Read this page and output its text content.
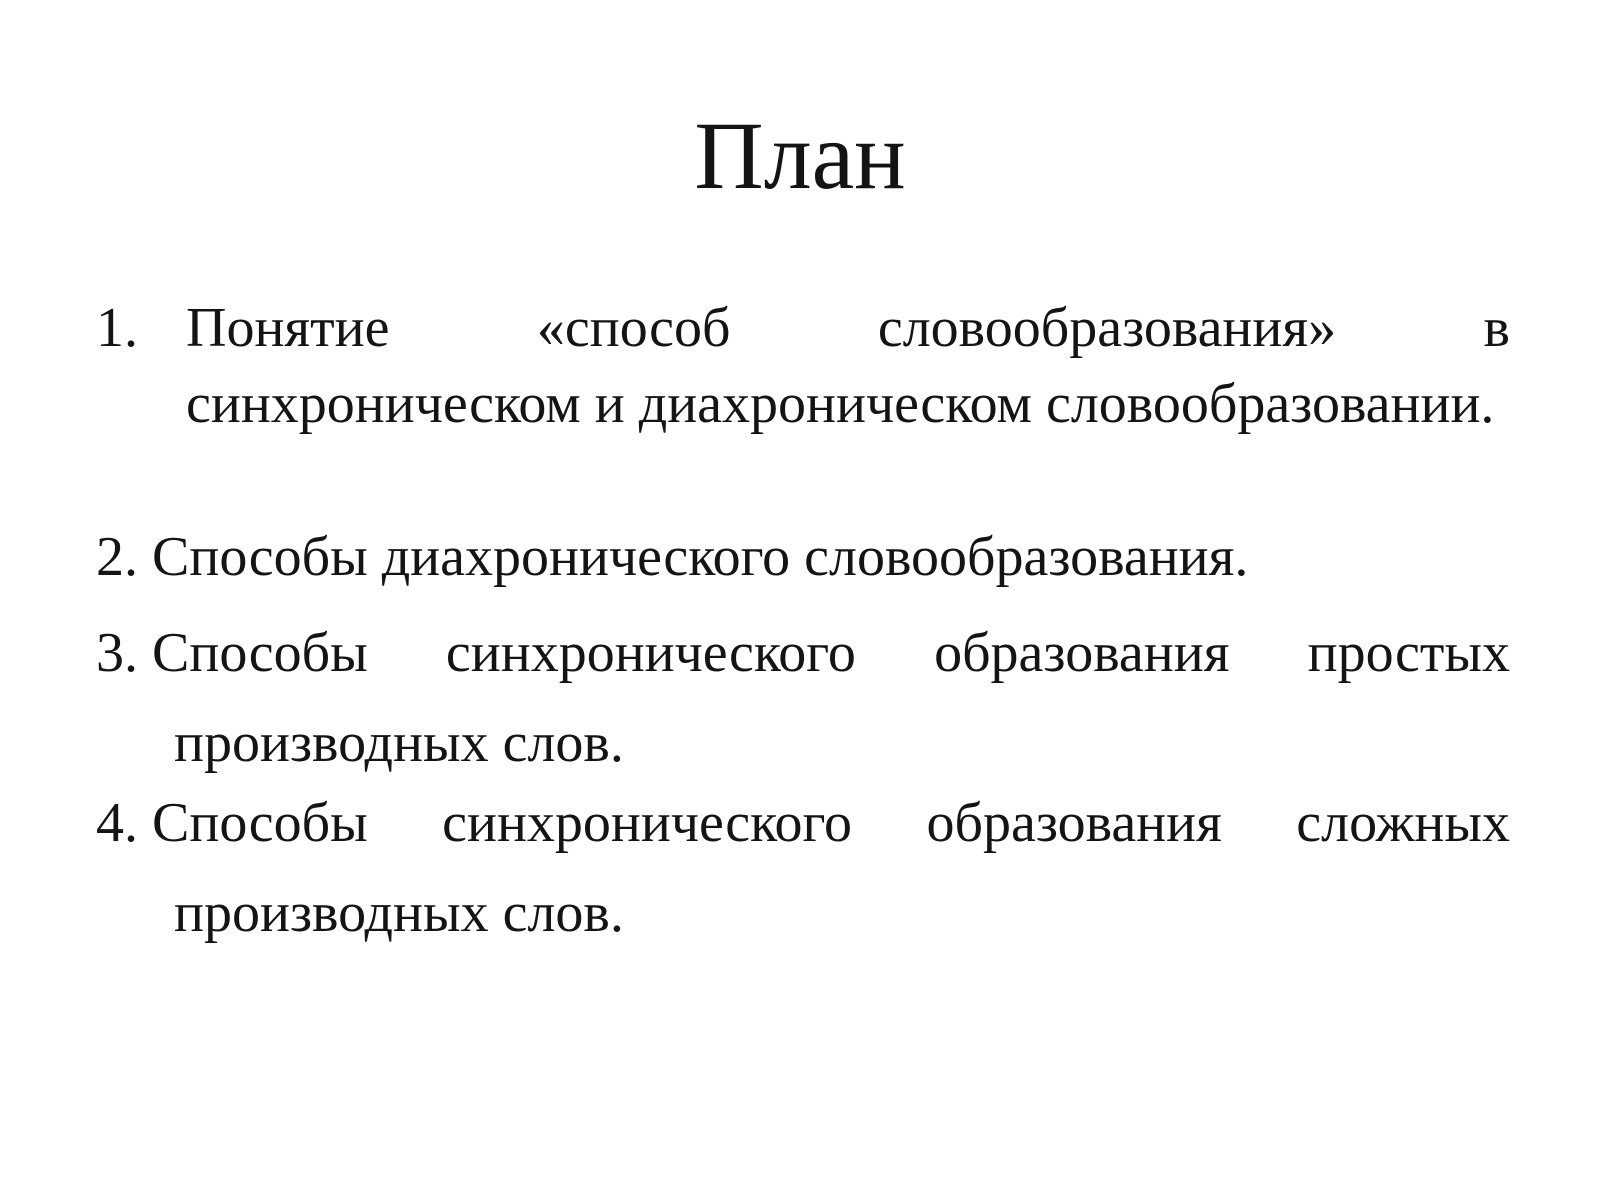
План
1. Понятие «способ словообразования» в синхроническом и диахроническом словообразовании.
2. Способы диахронического словообразования.
3. Способы синхронического образования простых
производных слов.
4. Способы синхронического образования сложных
производных слов.
